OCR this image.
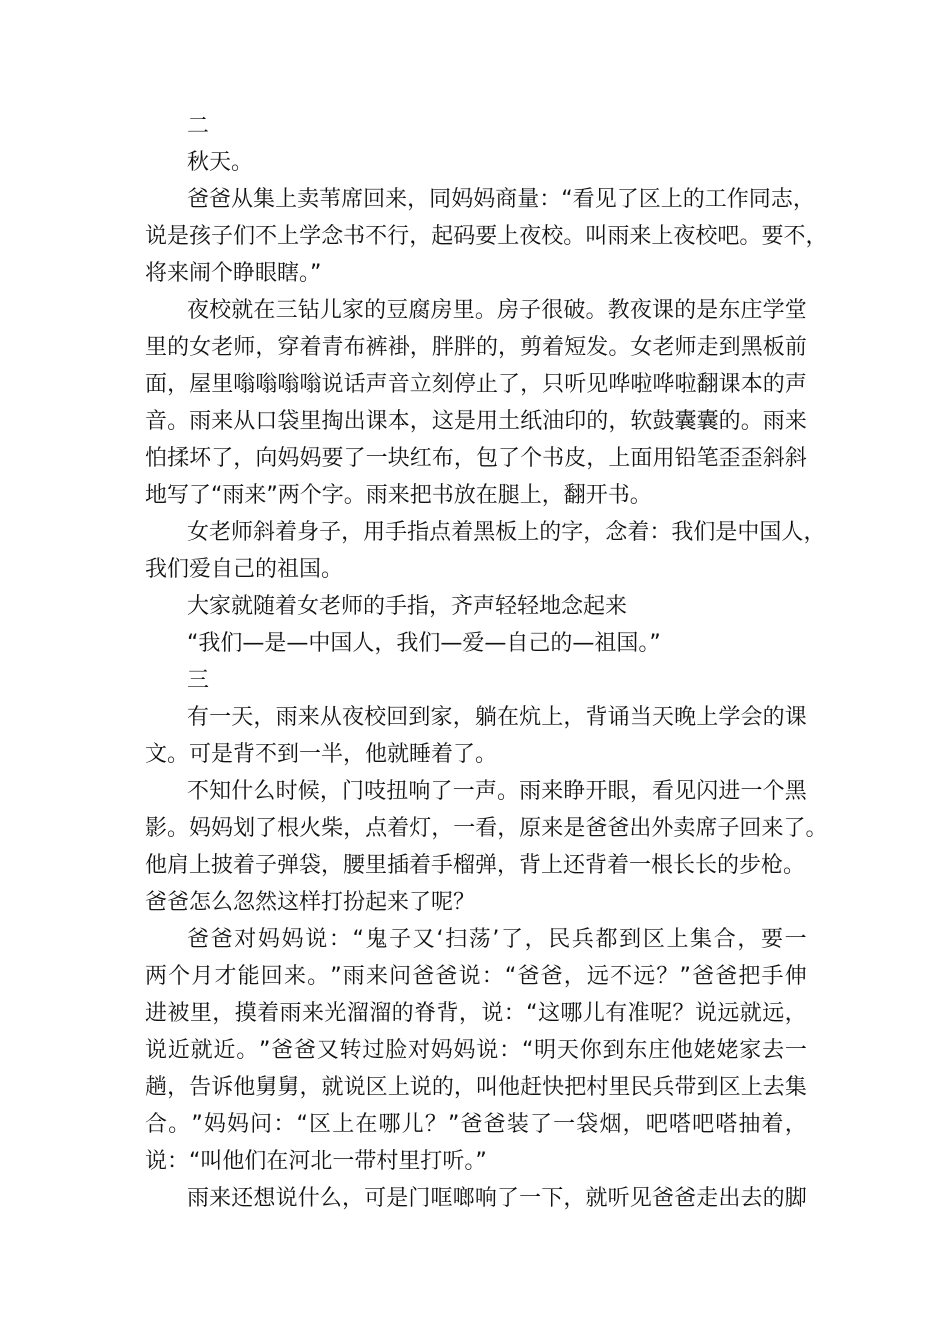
二
秋天。
爸 爸 从 集 上 卖 苇 席 回 来 ， 同 妈 妈 商 量 ： “ 看 见 了 区 上 的 工 作 同 志 ，
说 是 孩 子 们 不 上 学 念 书 不 行 ， 起 码 要 上 夜 校 。 叫 雨 来 上 夜 校 吧 。 要 不 ，
将来闹个睁眼瞎。”
夜 校 就 在 三 钻 儿 家 的 豆 腐 房 里 。 房 子 很 破 。 教 夜 课 的 是 东 庄 学 堂
里 的 女 老 师 ， 穿 着 青 布 裤 褂 ， 胖 胖 的 ， 剪 着 短 发 。 女 老 师 走 到 黑 板 前
面 ， 屋 里 嗡 嗡 嗡 嗡 说 话 声 音 立 刻 停 止 了 ， 只 听 见 哗 啦 哗 啦 翻 课 本 的 声
音 。 雨 来 从 口 袋 里 掏 出 课 本 ， 这 是 用 土 纸 油 印 的 ， 软 鼓 囊 囊 的 。 雨 来
怕 揉 坏 了 ， 向 妈 妈 要 了 一 块 红 布 ， 包 了 个 书 皮 ， 上 面 用 铅 笔 歪 歪 斜 斜
地写了“雨来”两个字。雨来把书放在腿上，翻开书。
女 老 师 斜 着 身 子 ， 用 手 指 点 着 黑 板 上 的 字 ， 念 着 ： 我 们 是 中 国 人 ，
我们爱自己的祖国。
大家就随着女老师的手指，齐声轻轻地念起来
“我们—是—中国人，我们—爱—自己的—祖国。”
三
有 一 天 ， 雨 来 从 夜 校 回 到 家 ， 躺 在 炕 上 ， 背 诵 当 天 晚 上 学 会 的 课
文。可是背不到一半，他就睡着了。
不 知 什 么 时 候 ， 门 吱 扭 响 了 一 声 。 雨 来 睁 开 眼 ， 看 见 闪 进 一 个 黑
影 。 妈 妈 划 了 根 火 柴 ， 点 着 灯 ， 一 看 ， 原 来 是 爸 爸 出 外 卖 席 子 回 来 了 。
他肩上披着子弹袋，腰里插着手榴弹，背上还背着一根长长的步枪。
爸爸怎么忽然这样打扮起来了呢？
爸 爸 对 妈 妈 说 ： “ 鬼 子 又 ‘ 扫 荡 ’ 了 ， 民 兵 都 到 区 上 集 合 ， 要 一
两 个 月 才 能 回 来 。 ” 雨 来 问 爸 爸 说 ： “ 爸 爸 ， 远 不 远 ？ ” 爸 爸 把 手 伸
进 被 里 ， 摸 着 雨 来 光 溜 溜 的 脊 背 ， 说 ： “ 这 哪 儿 有 准 呢 ？ 说 远 就 远 ，
说 近 就 近 。 ” 爸 爸 又 转 过 脸 对 妈 妈 说 ： “ 明 天 你 到 东 庄 他 姥 姥 家 去 一
趟 ， 告 诉 他 舅 舅 ， 就 说 区 上 说 的 ， 叫 他 赶 快 把 村 里 民 兵 带 到 区 上 去 集
合 。 ” 妈 妈 问 ： “ 区 上 在 哪 儿 ？ ” 爸 爸 装 了 一 袋 烟 ， 吧 嗒 吧 嗒 抽 着 ，
说：“叫他们在河北一带村里打听。”
雨 来 还 想 说 什 么 ， 可 是 门 哐 啷 响 了 一 下 ， 就 听 见 爸 爸 走 出 去 的 脚
